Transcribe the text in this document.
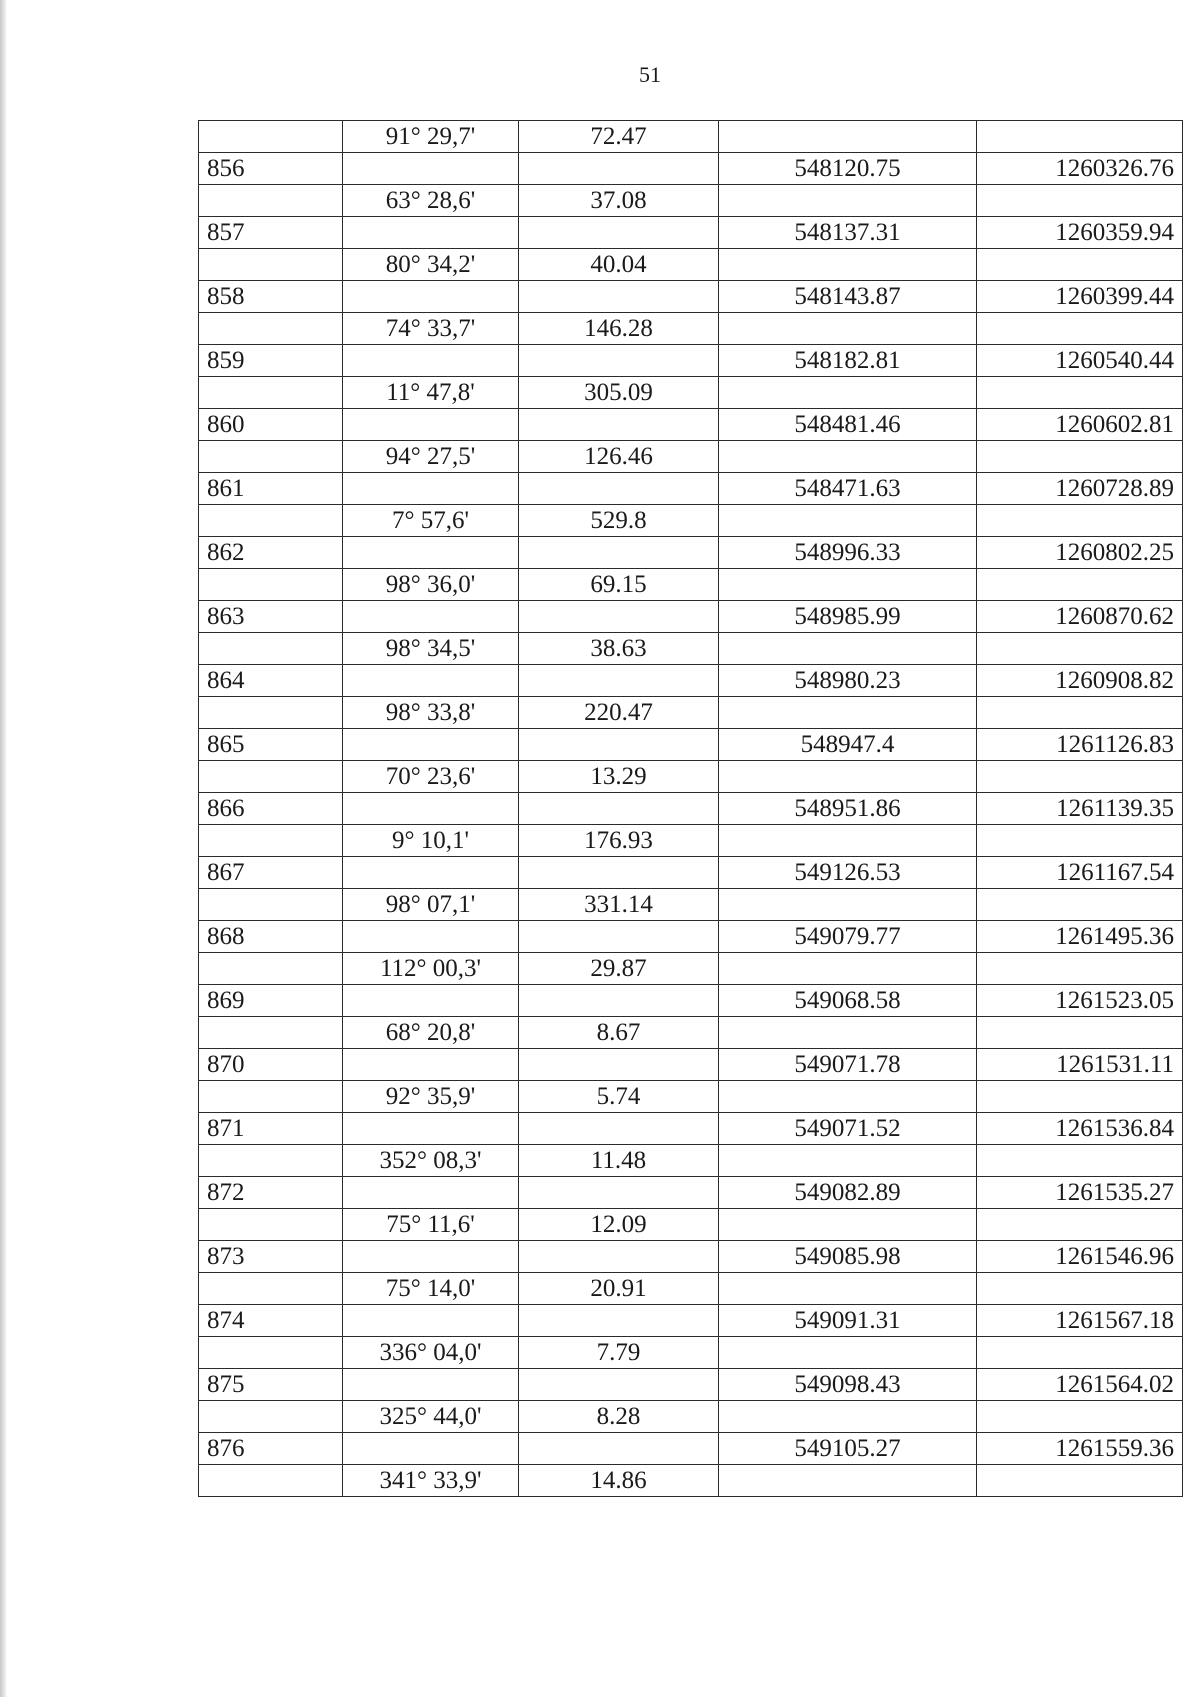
51
	91° 29,7'	72.47		
856			548120.75	1260326.76
	63° 28,6'	37.08		
857			548137.31	1260359.94
	80° 34,2'	40.04		
858			548143.87	1260399.44
	74° 33,7'	146.28		
859			548182.81	1260540.44
	11° 47,8'	305.09		
860			548481.46	1260602.81
	94° 27,5'	126.46		
861			548471.63	1260728.89
	7° 57,6'	529.8		
862			548996.33	1260802.25
	98° 36,0'	69.15		
863			548985.99	1260870.62
	98° 34,5'	38.63		
864			548980.23	1260908.82
	98° 33,8'	220.47		
865			548947.4	1261126.83
	70° 23,6'	13.29		
866			548951.86	1261139.35
	9° 10,1'	176.93		
867			549126.53	1261167.54
	98° 07,1'	331.14		
868			549079.77	1261495.36
	112° 00,3'	29.87		
869			549068.58	1261523.05
	68° 20,8'	8.67		
870			549071.78	1261531.11
	92° 35,9'	5.74		
871			549071.52	1261536.84
	352° 08,3'	11.48		
872			549082.89	1261535.27
	75° 11,6'	12.09		
873			549085.98	1261546.96
	75° 14,0'	20.91		
874			549091.31	1261567.18
	336° 04,0'	7.79		
875			549098.43	1261564.02
	325° 44,0'	8.28		
876			549105.27	1261559.36
	341° 33,9'	14.86		
